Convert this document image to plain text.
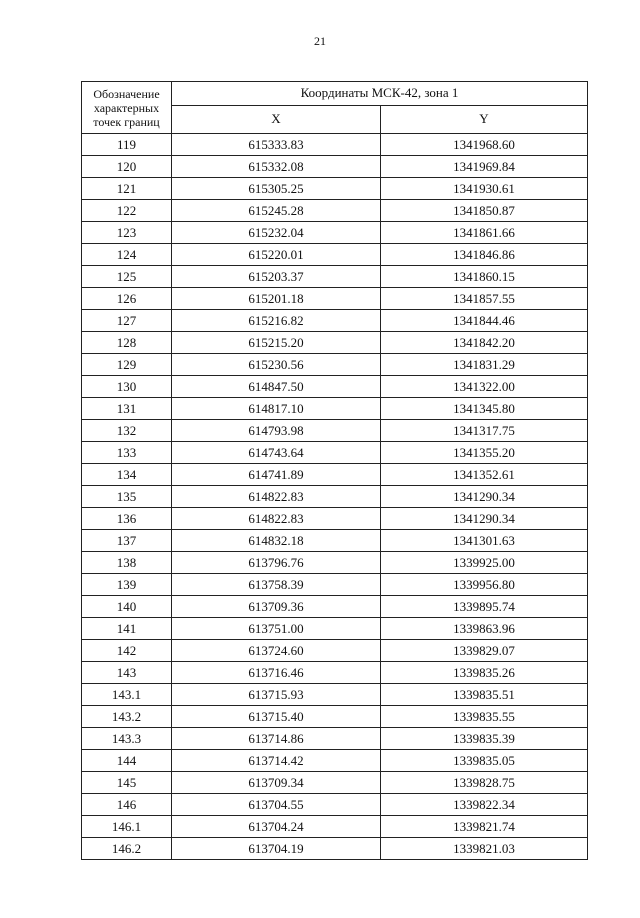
21
Обозначение
характерных
точек границ	Координаты МСК-42, зона 1	
	X	Y
119	615333.83	1341968.60
120	615332.08	1341969.84
121	615305.25	1341930.61
122	615245.28	1341850.87
123	615232.04	1341861.66
124	615220.01	1341846.86
125	615203.37	1341860.15
126	615201.18	1341857.55
127	615216.82	1341844.46
128	615215.20	1341842.20
129	615230.56	1341831.29
130	614847.50	1341322.00
131	614817.10	1341345.80
132	614793.98	1341317.75
133	614743.64	1341355.20
134	614741.89	1341352.61
135	614822.83	1341290.34
136	614822.83	1341290.34
137	614832.18	1341301.63
138	613796.76	1339925.00
139	613758.39	1339956.80
140	613709.36	1339895.74
141	613751.00	1339863.96
142	613724.60	1339829.07
143	613716.46	1339835.26
143.1	613715.93	1339835.51
143.2	613715.40	1339835.55
143.3	613714.86	1339835.39
144	613714.42	1339835.05
145	613709.34	1339828.75
146	613704.55	1339822.34
146.1	613704.24	1339821.74
146.2	613704.19	1339821.03
